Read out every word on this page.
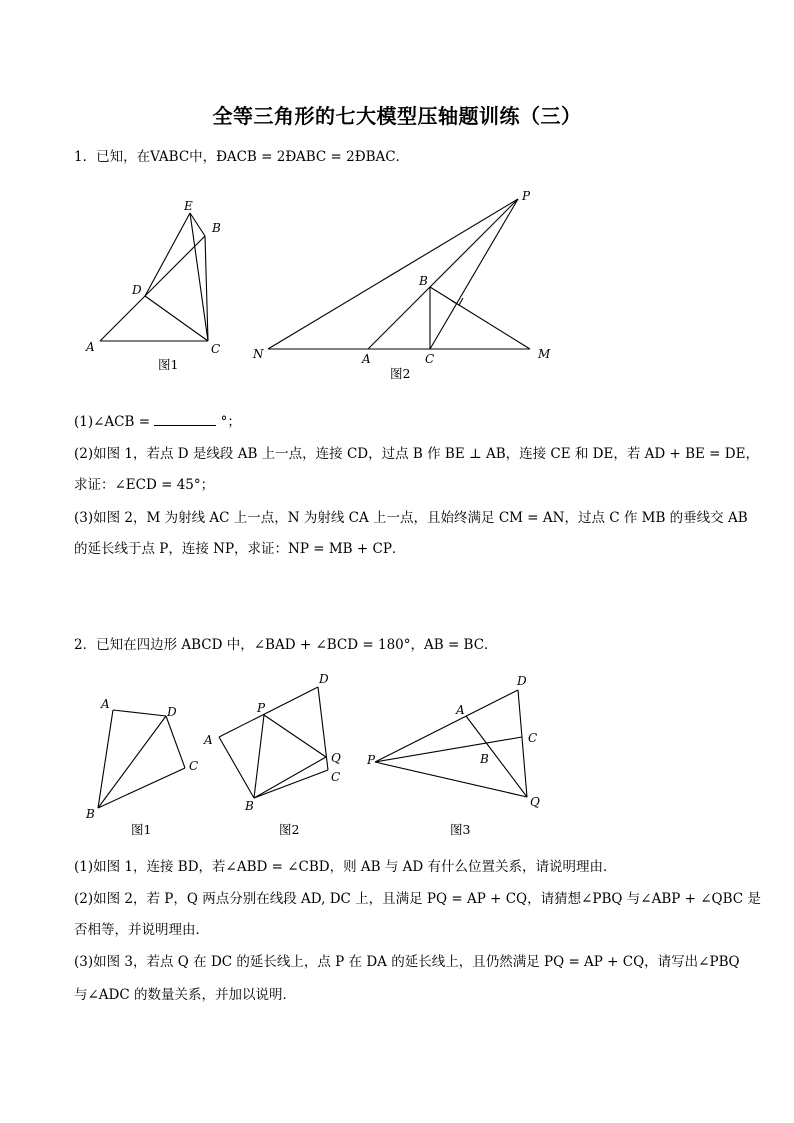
全等三角形的七大模型压轴题训练（三）
1．已知，在VABC中，ÐACB = 2ÐABC = 2ÐBAC．
E
B
D
A	C
图1
P
B
N	A	C	M
图2
A
D
C
B
图1
D
P
A
Q
C
B
图2
D
A
C
B
P
Q
图3
(1)∠ACB =	°；
(2)如图 1，若点 D 是线段 AB 上一点，连接 CD，过点 B 作 BE ⊥ AB，连接 CE 和 DE，若 AD + BE = DE，
求证：∠ECD = 45°；
(3)如图 2，M 为射线 AC 上一点，N 为射线 CA 上一点，且始终满足 CM = AN，过点 C 作 MB 的垂线交 AB
的延长线于点 P，连接 NP，求证：NP = MB + CP．
2．已知在四边形 ABCD 中，∠BAD + ∠BCD = 180°，AB = BC．
(1)如图 1，连接 BD，若∠ABD = ∠CBD，则 AB 与 AD 有什么位置关系，请说明理由．
(2)如图 2，若 P，Q 两点分别在线段 AD, DC 上，且满足 PQ = AP + CQ，请猜想∠PBQ 与∠ABP + ∠QBC 是
否相等，并说明理由．
(3)如图 3，若点 Q 在 DC 的延长线上，点 P 在 DA 的延长线上，且仍然满足 PQ = AP + CQ，请写出∠PBQ
与∠ADC 的数量关系，并加以说明．
